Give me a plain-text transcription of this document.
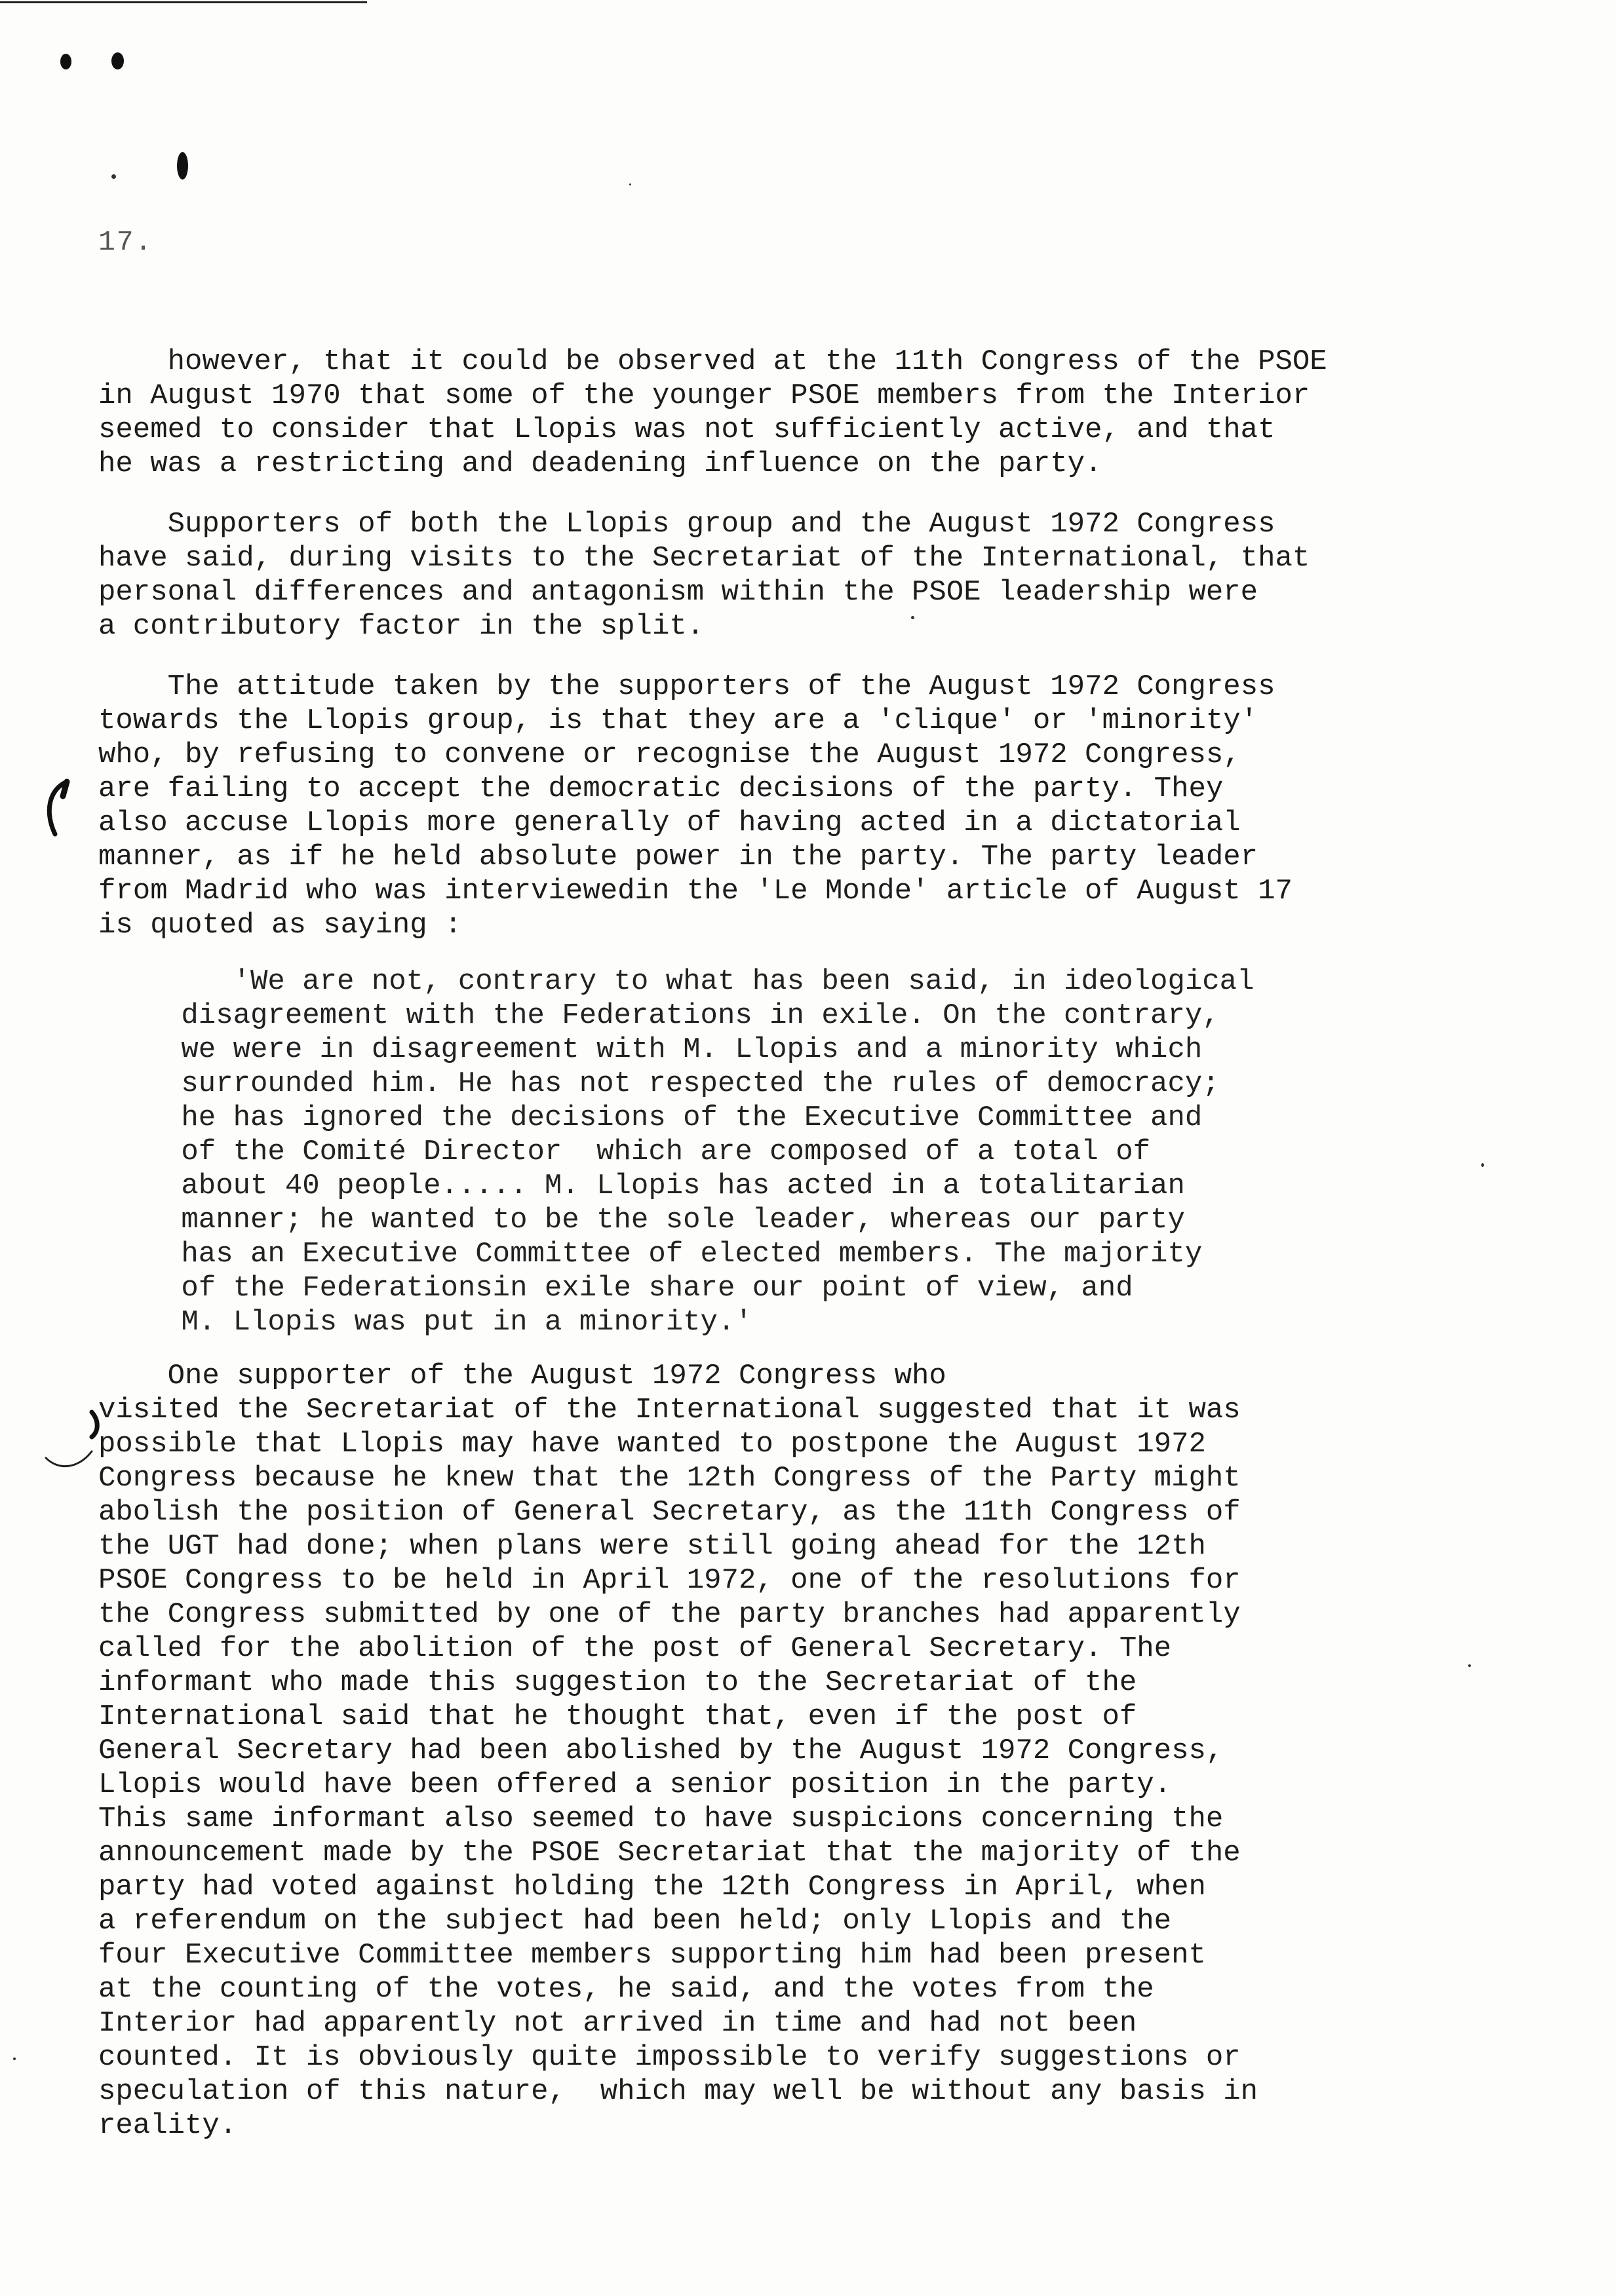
17.

however, that it could be observed at the 11th Congress of the PSOE
in August 1970 that some of the younger PSOE members from the Interior
seemed to consider that Llopis was not sufficiently active, and that
he was a restricting and deadening influence on the party.

Supporters of both the Llopis group and the August 1972 Congress
have said, during visits to the Secretariat of the International, that
personal differences and antagonism within the PSOE leadership were
a contributory factor in the split.

The attitude taken by the supporters of the August 1972 Congress
towards the Llopis group, is that they are a 'clique' or 'minority'
who, by refusing to convene or recognise the August 1972 Congress,
are failing to accept the democratic decisions of the party. They
also accuse Llopis more generally of having acted in a dictatorial
manner, as if he held absolute power in the party. The party leader
from Madrid who was interviewedin the 'Le Monde' article of August 17
is quoted as saying :

'We are not, contrary to what has been said, in ideological
disagreement with the Federations in exile. On the contrary,
we were in disagreement with M. Llopis and a minority which
surrounded him. He has not respected the rules of democracy;
he has ignored the decisions of the Executive Committee and
of the Comité Director  which are composed of a total of
about 40 people..... M. Llopis has acted in a totalitarian
manner; he wanted to be the sole leader, whereas our party
has an Executive Committee of elected members. The majority
of the Federationsin exile share our point of view, and
M. Llopis was put in a minority.'

One supporter of the August 1972 Congress who
visited the Secretariat of the International suggested that it was
possible that Llopis may have wanted to postpone the August 1972
Congress because he knew that the 12th Congress of the Party might
abolish the position of General Secretary, as the 11th Congress of
the UGT had done; when plans were still going ahead for the 12th
PSOE Congress to be held in April 1972, one of the resolutions for
the Congress submitted by one of the party branches had apparently
called for the abolition of the post of General Secretary. The
informant who made this suggestion to the Secretariat of the
International said that he thought that, even if the post of
General Secretary had been abolished by the August 1972 Congress,
Llopis would have been offered a senior position in the party.
This same informant also seemed to have suspicions concerning the
announcement made by the PSOE Secretariat that the majority of the
party had voted against holding the 12th Congress in April, when
a referendum on the subject had been held; only Llopis and the
four Executive Committee members supporting him had been present
at the counting of the votes, he said, and the votes from the
Interior had apparently not arrived in time and had not been
counted. It is obviously quite impossible to verify suggestions or
speculation of this nature,  which may well be without any basis in
reality.
